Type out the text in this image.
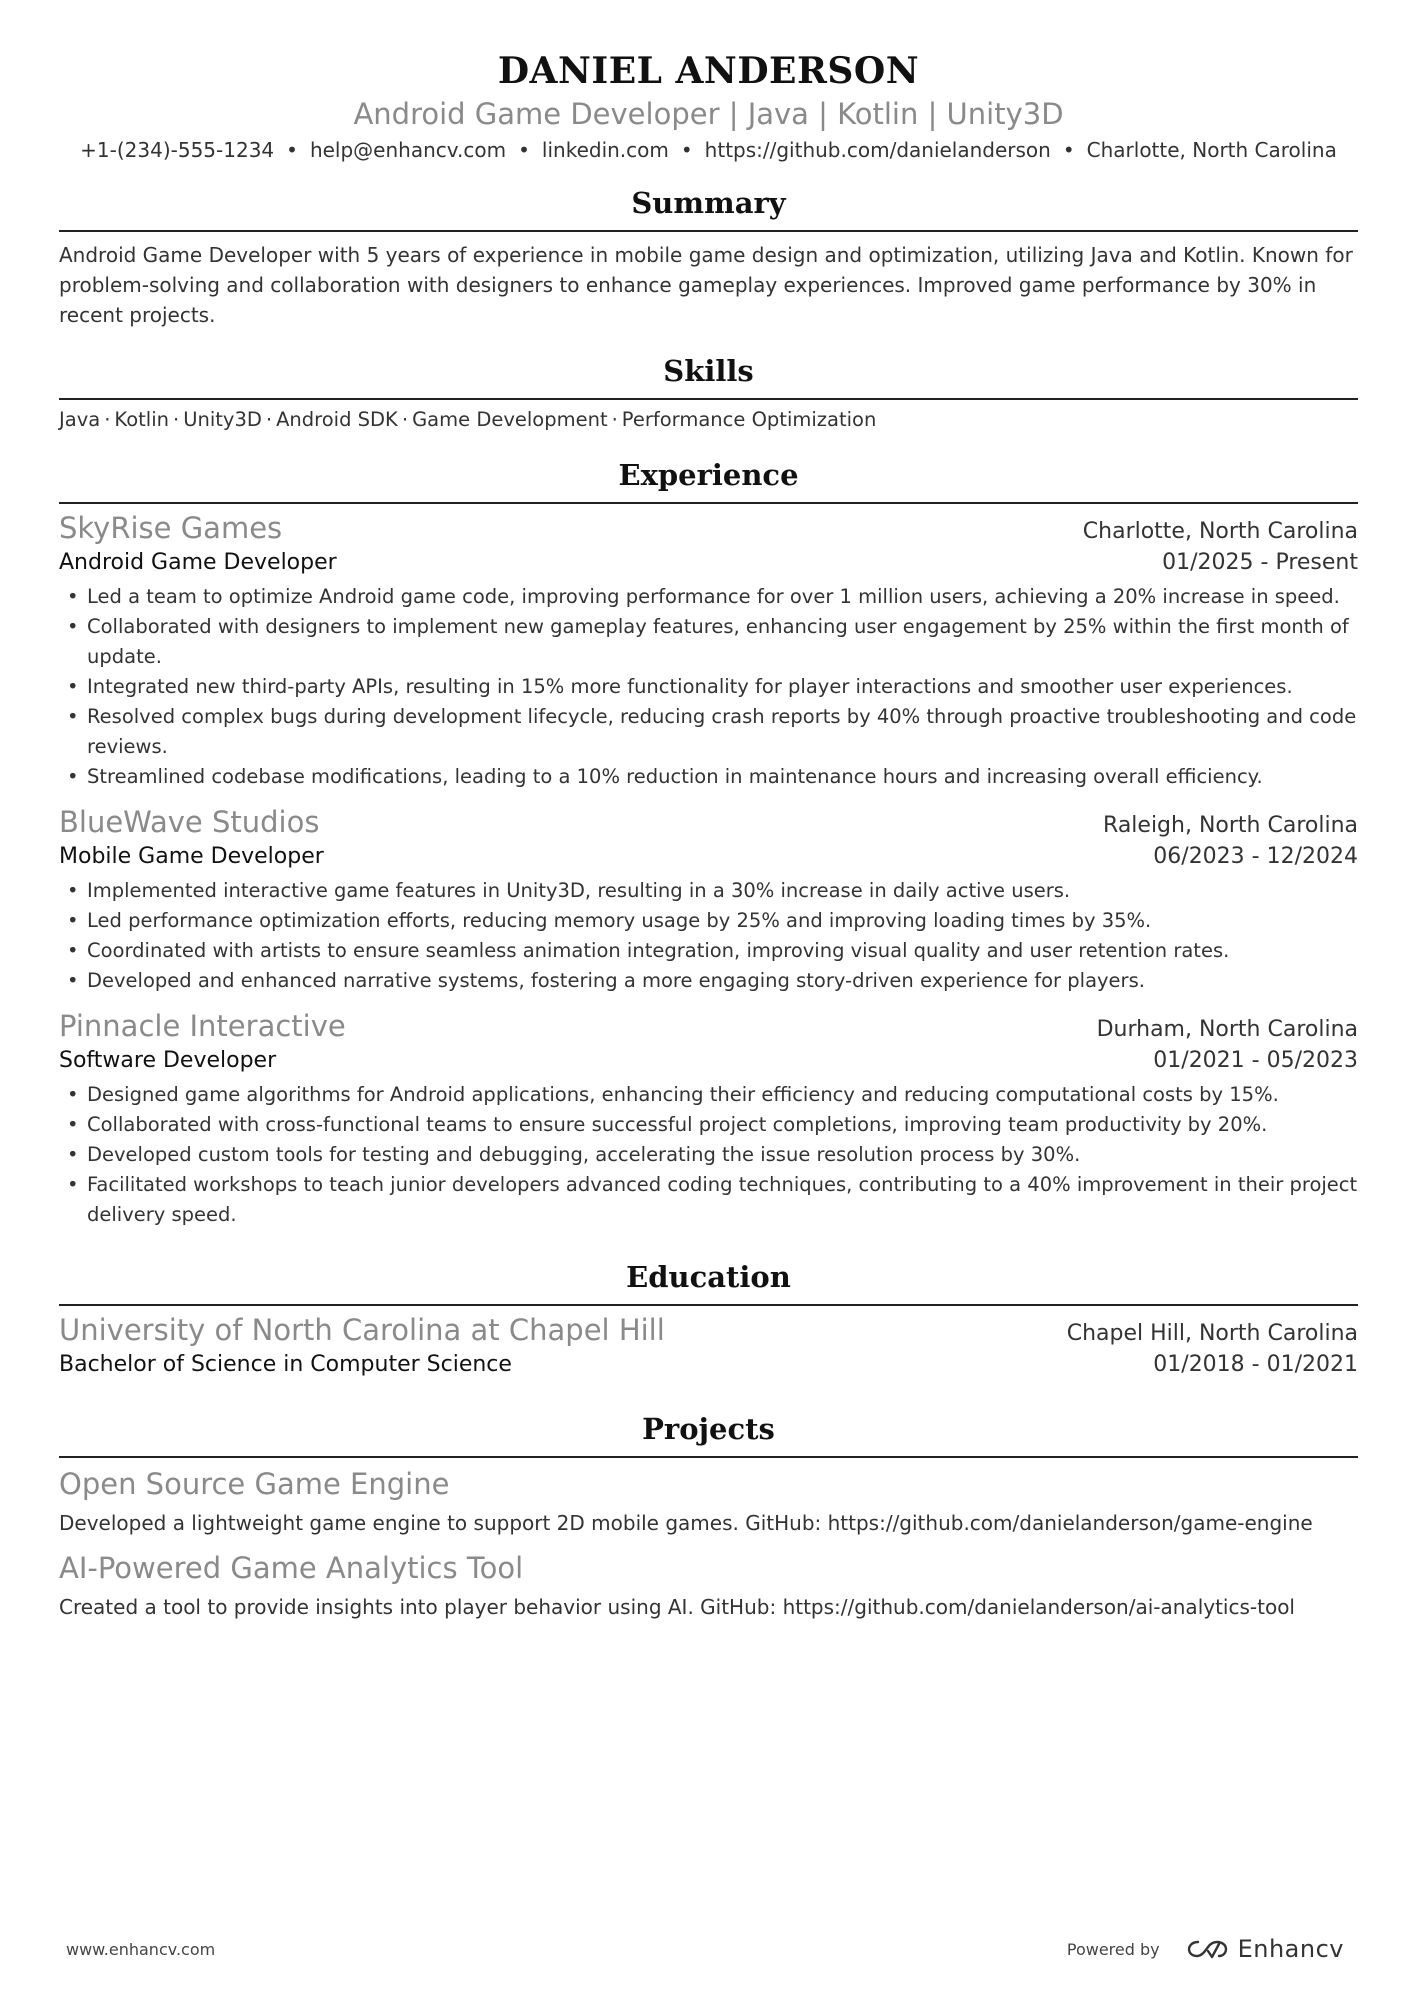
DANIEL ANDERSON
Android Game Developer | Java | Kotlin | Unity3D
+1-(234)-555-1234 • help@enhancv.com • linkedin.com • https://github.com/danielanderson • Charlotte, North Carolina
Summary
Android Game Developer with 5 years of experience in mobile game design and optimization, utilizing Java and Kotlin. Known for
problem-solving and collaboration with designers to enhance gameplay experiences. Improved game performance by 30% in
recent projects.
Skills
Java · Kotlin · Unity3D · Android SDK · Game Development · Performance Optimization
Experience
SkyRise Games	Charlotte, North Carolina
Android Game Developer	01/2025 - Present
• Led a team to optimize Android game code, improving performance for over 1 million users, achieving a 20% increase in speed.
• Collaborated with designers to implement new gameplay features, enhancing user engagement by 25% within the first month of update.
• Integrated new third-party APIs, resulting in 15% more functionality for player interactions and smoother user experiences.
• Resolved complex bugs during development lifecycle, reducing crash reports by 40% through proactive troubleshooting and code reviews.
• Streamlined codebase modifications, leading to a 10% reduction in maintenance hours and increasing overall efficiency.
BlueWave Studios	Raleigh, North Carolina
Mobile Game Developer	06/2023 - 12/2024
• Implemented interactive game features in Unity3D, resulting in a 30% increase in daily active users.
• Led performance optimization efforts, reducing memory usage by 25% and improving loading times by 35%.
• Coordinated with artists to ensure seamless animation integration, improving visual quality and user retention rates.
• Developed and enhanced narrative systems, fostering a more engaging story-driven experience for players.
Pinnacle Interactive	Durham, North Carolina
Software Developer	01/2021 - 05/2023
• Designed game algorithms for Android applications, enhancing their efficiency and reducing computational costs by 15%.
• Collaborated with cross-functional teams to ensure successful project completions, improving team productivity by 20%.
• Developed custom tools for testing and debugging, accelerating the issue resolution process by 30%.
• Facilitated workshops to teach junior developers advanced coding techniques, contributing to a 40% improvement in their project delivery speed.
Education
University of North Carolina at Chapel Hill	Chapel Hill, North Carolina
Bachelor of Science in Computer Science	01/2018 - 01/2021
Projects
Open Source Game Engine
Developed a lightweight game engine to support 2D mobile games. GitHub: https://github.com/danielanderson/game-engine
AI-Powered Game Analytics Tool
Created a tool to provide insights into player behavior using AI. GitHub: https://github.com/danielanderson/ai-analytics-tool
www.enhancv.com	Powered by	Enhancv
